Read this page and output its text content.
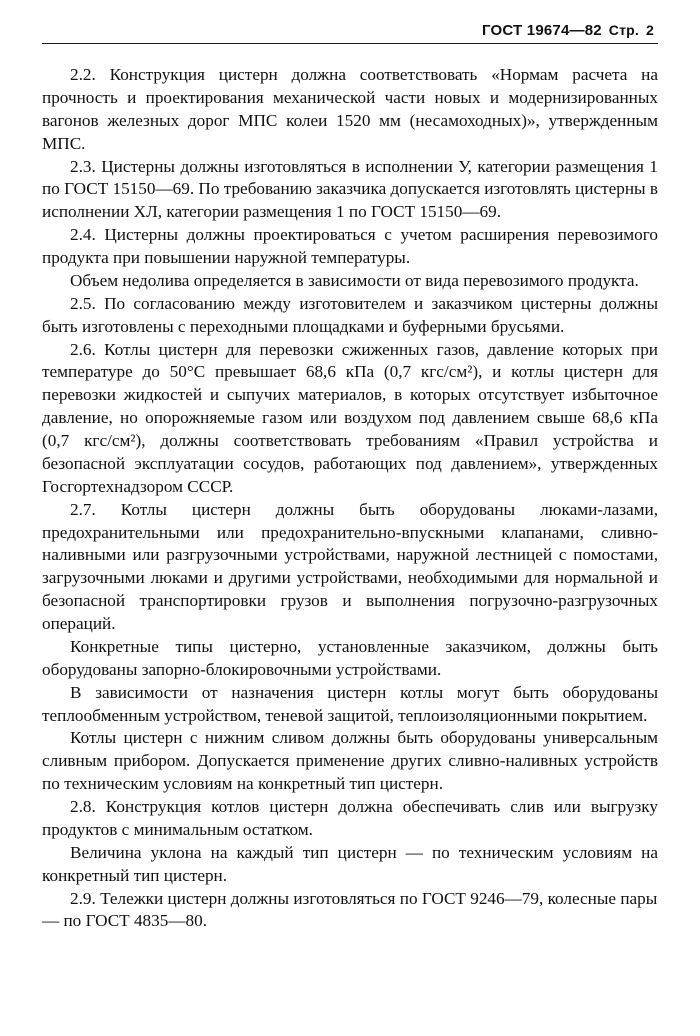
ГОСТ 19674—82 Стр. 2

2.2. Конструкция цистерн должна соответствовать «Нормам расчета на прочность и проектирования механической части новых и модернизированных вагонов железных дорог МПС колеи 1520 мм (несамоходных)», утвержденным МПС.

2.3. Цистерны должны изготовляться в исполнении У, категории размещения 1 по ГОСТ 15150—69. По требованию заказчика допускается изготовлять цистерны в исполнении ХЛ, категории размещения 1 по ГОСТ 15150—69.

2.4. Цистерны должны проектироваться с учетом расширения перевозимого продукта при повышении наружной температуры.

Объем недолива определяется в зависимости от вида перевозимого продукта.

2.5. По согласованию между изготовителем и заказчиком цистерны должны быть изготовлены с переходными площадками и буферными брусьями.

2.6. Котлы цистерн для перевозки сжиженных газов, давление которых при температуре до 50°С превышает 68,6 кПа (0,7 кгс/см²), и котлы цистерн для перевозки жидкостей и сыпучих материалов, в которых отсутствует избыточное давление, но опорожняемые газом или воздухом под давлением свыше 68,6 кПа (0,7 кгс/см²), должны соответствовать требованиям «Правил устройства и безопасной эксплуатации сосудов, работающих под давлением», утвержденных Госгортехнадзором СССР.

2.7. Котлы цистерн должны быть оборудованы люками-лазами, предохранительными или предохранительно-впускными клапанами, сливно-наливными или разгрузочными устройствами, наружной лестницей с помостами, загрузочными люками и другими устройствами, необходимыми для нормальной и безопасной транспортировки грузов и выполнения погрузочно-разгрузочных операций.

Конкретные типы цистерно, установленные заказчиком, должны быть оборудованы запорно-блокировочными устройствами.

В зависимости от назначения цистерн котлы могут быть оборудованы теплообменным устройством, теневой защитой, теплоизоляционными покрытием.

Котлы цистерн с нижним сливом должны быть оборудованы универсальным сливным прибором. Допускается применение других сливно-наливных устройств по техническим условиям на конкретный тип цистерн.

2.8. Конструкция котлов цистерн должна обеспечивать слив или выгрузку продуктов с минимальным остатком.

Величина уклона на каждый тип цистерн — по техническим условиям на конкретный тип цистерн.

2.9. Тележки цистерн должны изготовляться по ГОСТ 9246—79, колесные пары — по ГОСТ 4835—80.
